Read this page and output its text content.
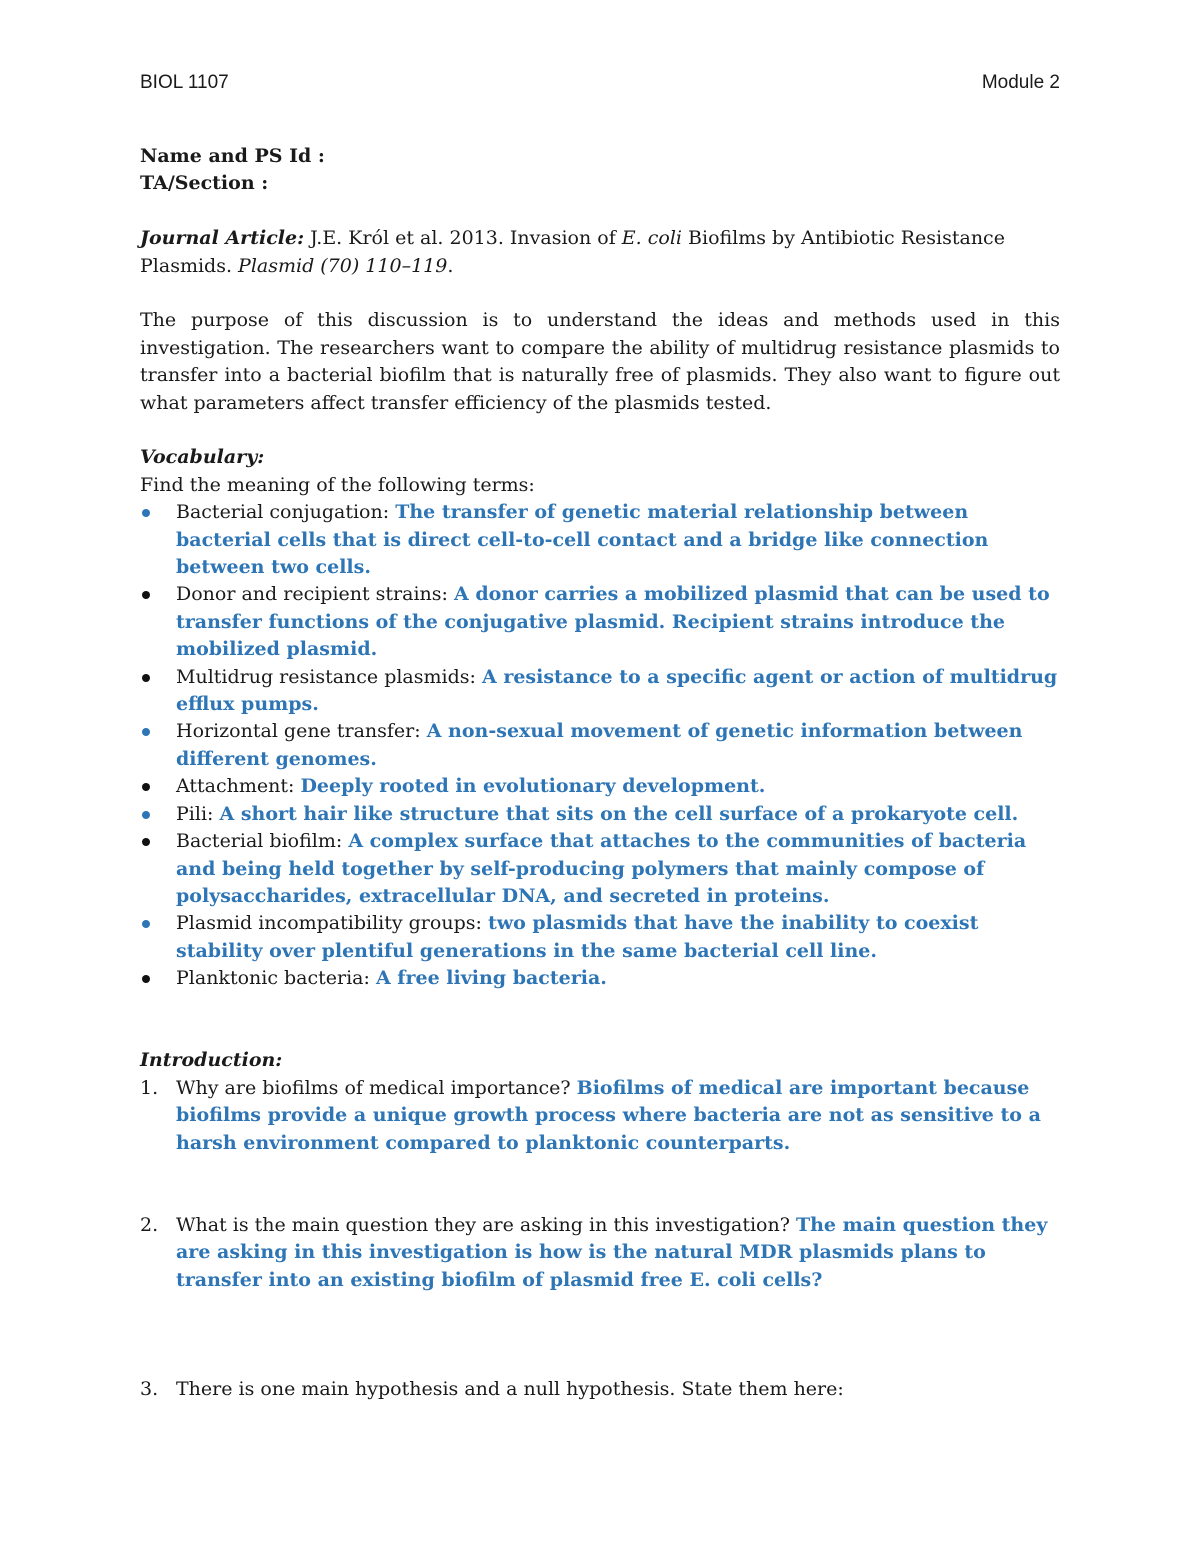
BIOL 1107	Module 2

Name and PS Id :

TA/Section :

Journal Article: J.E. Król et al. 2013. Invasion of E. coli Biofilms by Antibiotic Resistance Plasmids. Plasmid (70) 110–119.

The purpose of this discussion is to understand the ideas and methods used in this investigation. The researchers want to compare the ability of multidrug resistance plasmids to transfer into a bacterial biofilm that is naturally free of plasmids. They also want to figure out what parameters affect transfer efficiency of the plasmids tested.

Vocabulary:

Find the meaning of the following terms:

Bacterial conjugation: The transfer of genetic material relationship between bacterial cells that is direct cell-to-cell contact and a bridge like connection between two cells.
Donor and recipient strains: A donor carries a mobilized plasmid that can be used to transfer functions of the conjugative plasmid. Recipient strains introduce the mobilized plasmid.
Multidrug resistance plasmids: A resistance to a specific agent or action of multidrug efflux pumps.
Horizontal gene transfer: A non-sexual movement of genetic information between different genomes.
Attachment: Deeply rooted in evolutionary development.
Pili: A short hair like structure that sits on the cell surface of a prokaryote cell.
Bacterial biofilm: A complex surface that attaches to the communities of bacteria and being held together by self-producing polymers that mainly compose of polysaccharides, extracellular DNA, and secreted in proteins.
Plasmid incompatibility groups: two plasmids that have the inability to coexist stability over plentiful generations in the same bacterial cell line.
Planktonic bacteria: A free living bacteria.

Introduction:

1. Why are biofilms of medical importance? Biofilms of medical are important because biofilms provide a unique growth process where bacteria are not as sensitive to a harsh environment compared to planktonic counterparts.
2. What is the main question they are asking in this investigation? The main question they are asking in this investigation is how is the natural MDR plasmids plans to transfer into an existing biofilm of plasmid free E. coli cells?
3. There is one main hypothesis and a null hypothesis. State them here:
